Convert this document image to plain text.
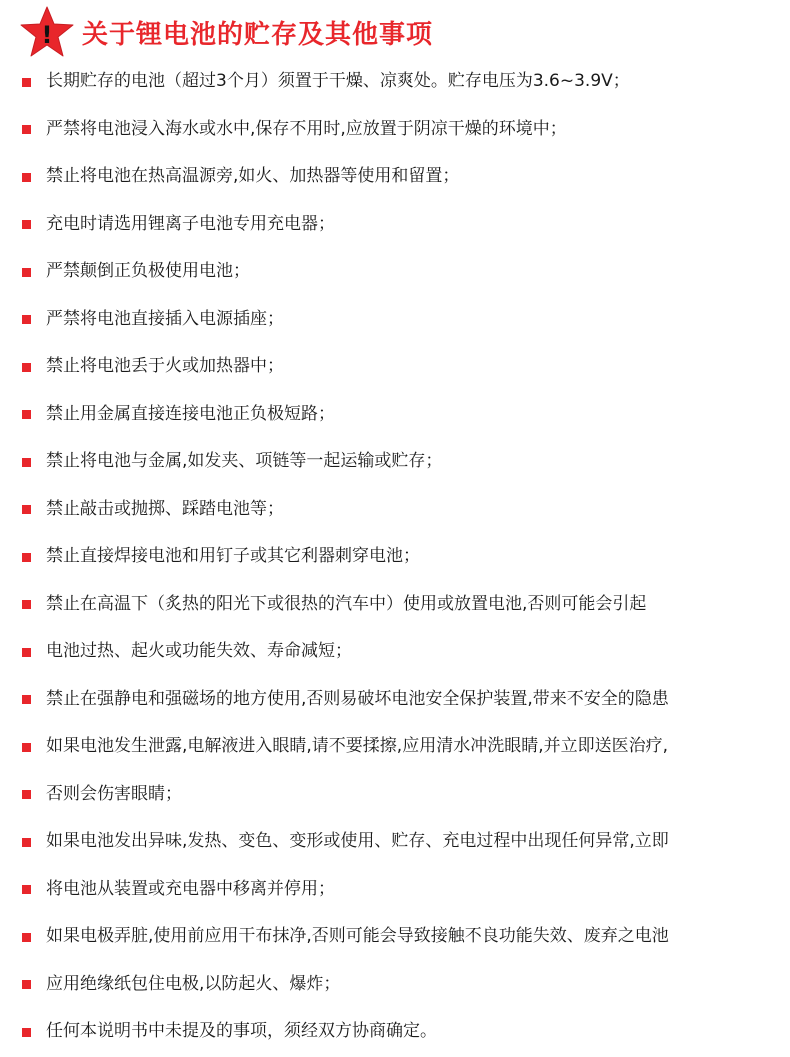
! 关于锂电池的贮存及其他事项
长期贮存的电池（超过3个月）须置于干燥、凉爽处。贮存电压为3.6~3.9V；
严禁将电池浸入海水或水中,保存不用时,应放置于阴凉干燥的环境中；
禁止将电池在热高温源旁,如火、加热器等使用和留置；
充电时请选用锂离子电池专用充电器；
严禁颠倒正负极使用电池；
严禁将电池直接插入电源插座；
禁止将电池丢于火或加热器中；
禁止用金属直接连接电池正负极短路；
禁止将电池与金属,如发夹、项链等一起运输或贮存；
禁止敲击或抛掷、踩踏电池等；
禁止直接焊接电池和用钉子或其它利器刺穿电池；
禁止在高温下（炙热的阳光下或很热的汽车中）使用或放置电池,否则可能会引起
电池过热、起火或功能失效、寿命减短；
禁止在强静电和强磁场的地方使用,否则易破坏电池安全保护装置,带来不安全的隐患
如果电池发生泄露,电解液进入眼睛,请不要揉擦,应用清水冲洗眼睛,并立即送医治疗,
否则会伤害眼睛；
如果电池发出异味,发热、变色、变形或使用、贮存、充电过程中出现任何异常,立即
将电池从装置或充电器中移离并停用；
如果电极弄脏,使用前应用干布抹净,否则可能会导致接触不良功能失效、废弃之电池
应用绝缘纸包住电极,以防起火、爆炸；
任何本说明书中未提及的事项，须经双方协商确定。
